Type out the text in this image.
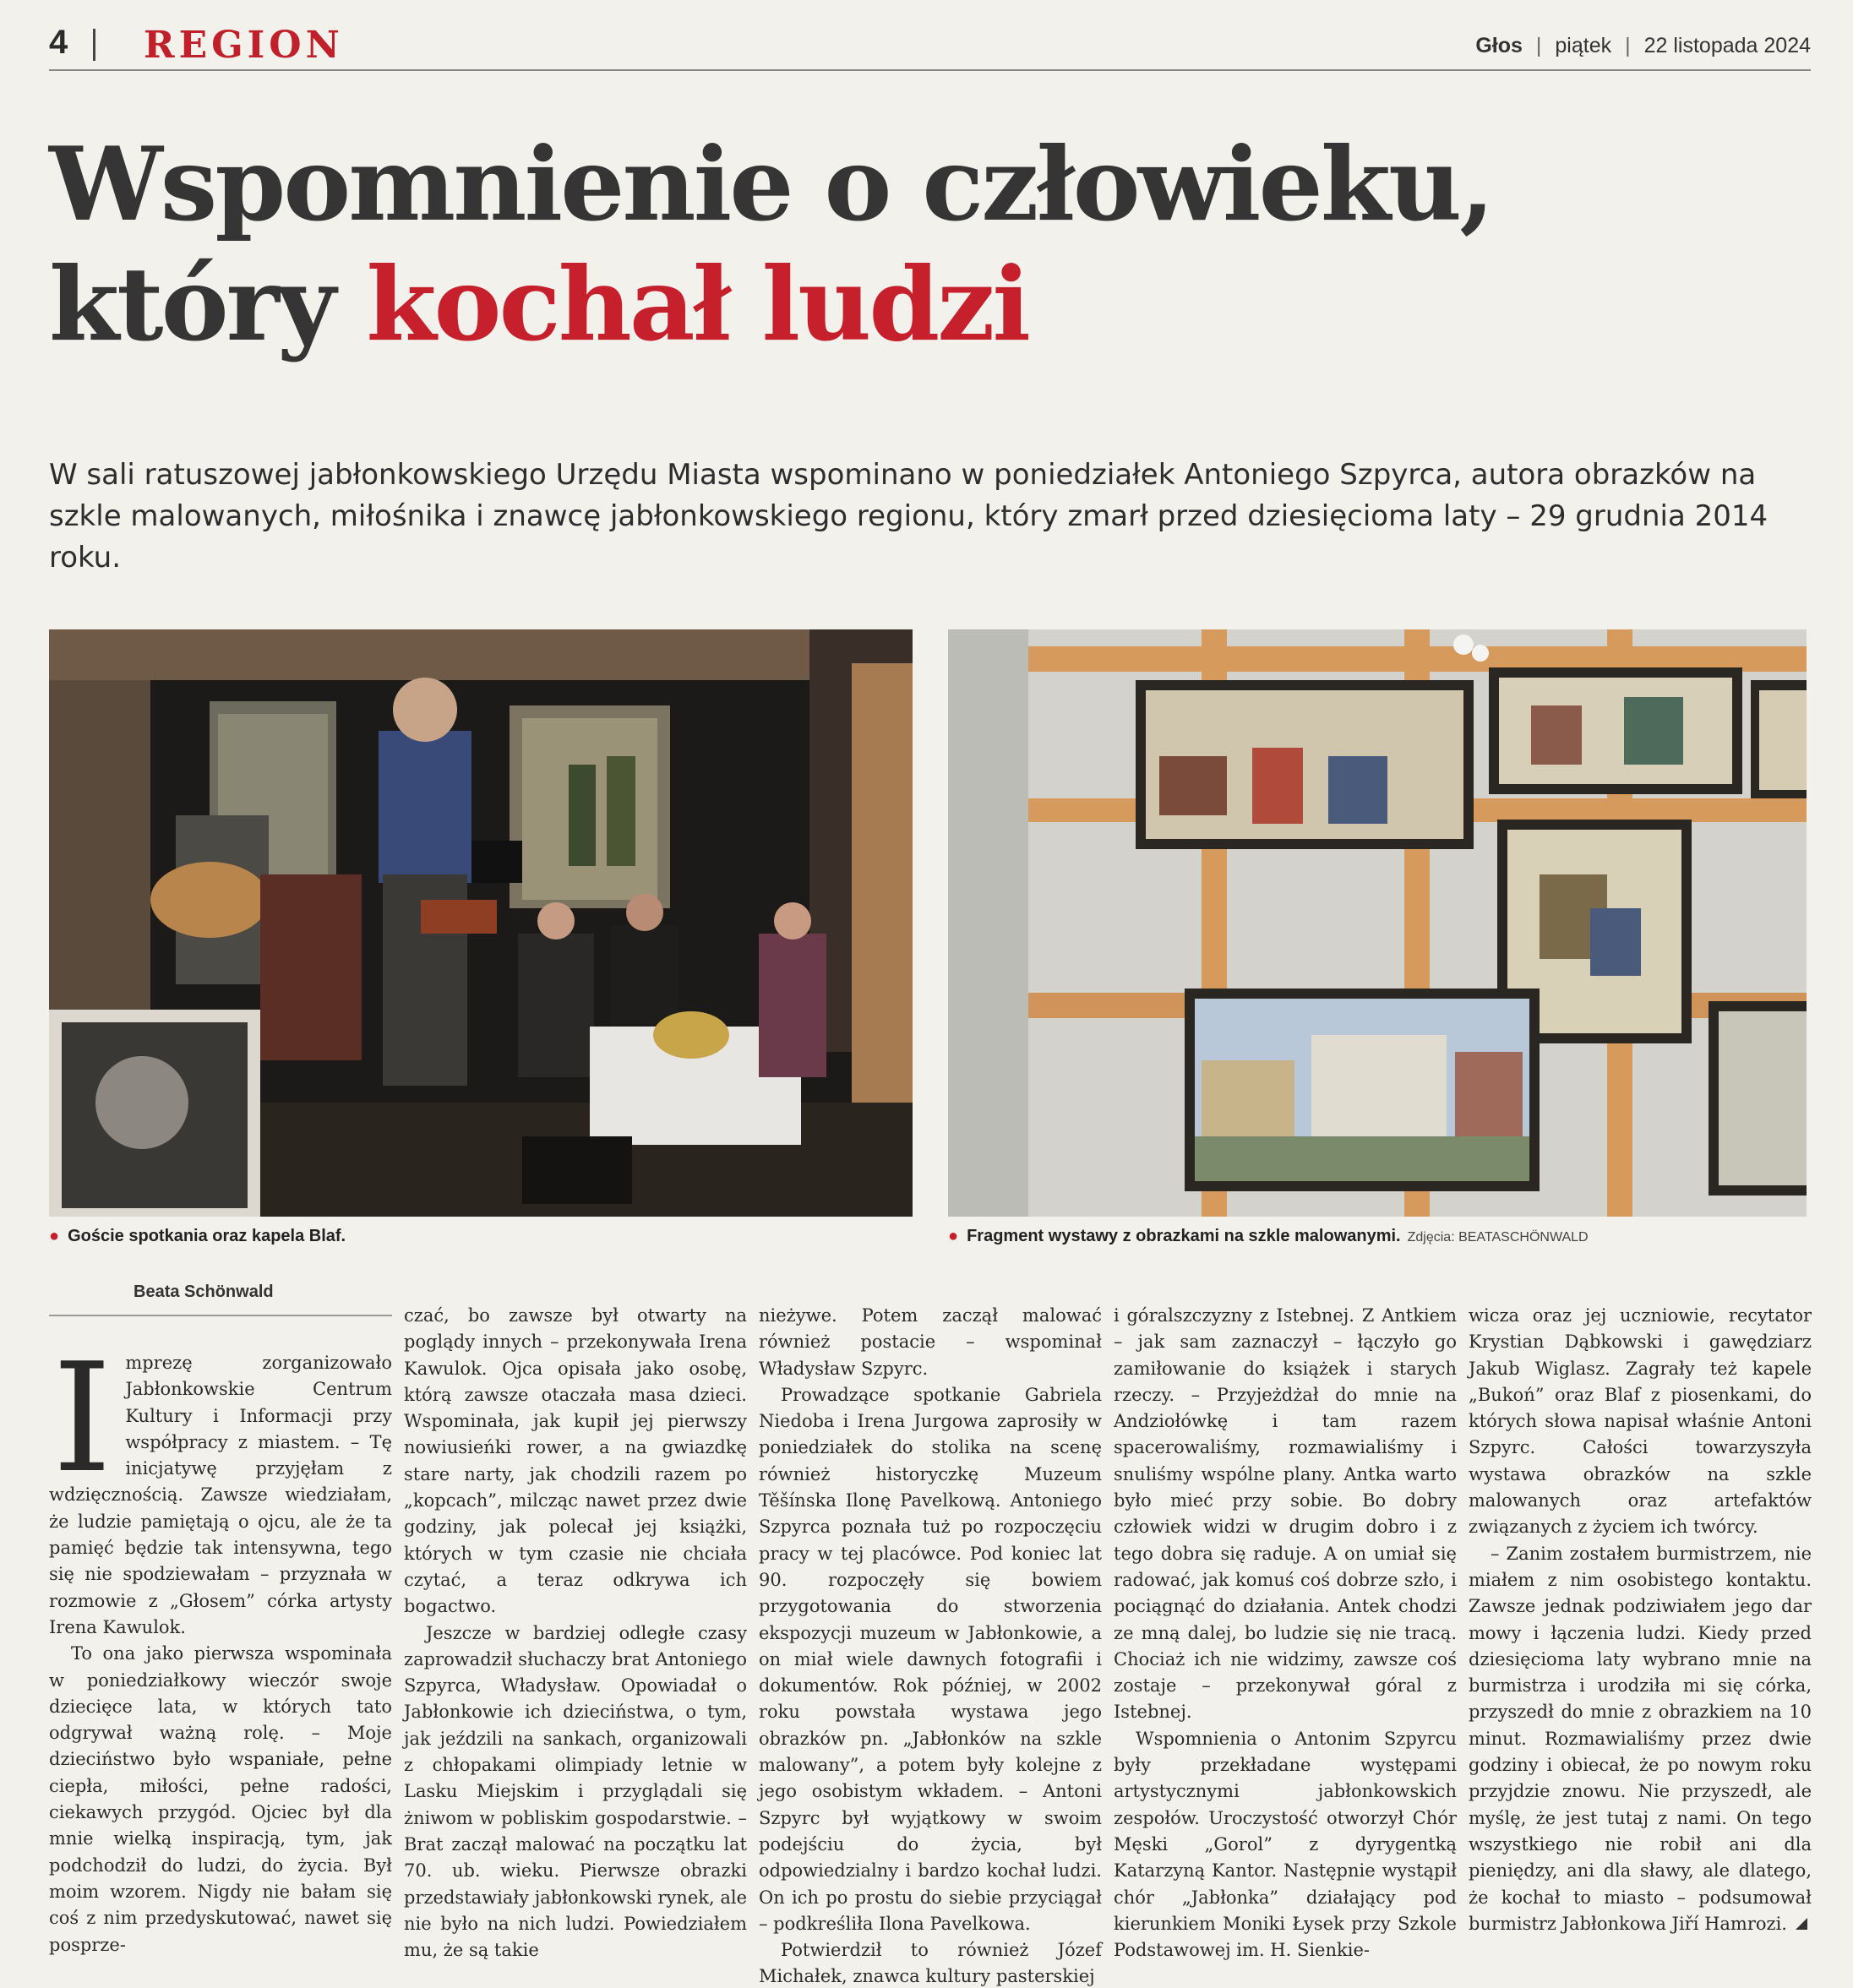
4 REGION	Głos | piątek | 22 listopada 2024
Wspomnienie o człowieku,
który kochał ludzi

W sali ratuszowej jabłonkowskiego Urzędu Miasta wspominano w poniedziałek Antoniego Szpyrca, autora obrazków na szkle malowanych, miłośnika i znawcę jabłonkowskiego regionu, który zmarł przed dziesięcioma laty – 29 grudnia 2014 roku.

● Goście spotkania oraz kapela Blaf.	● Fragment wystawy z obrazkami na szkle malowanymi. Zdjęcia: BEATASCHÖNWALD
Beata Schönwald
I mprezę zorganizowało Jabłonkowskie Centrum Kultury i Informacji przy współpracy z miastem. – Tę inicjatywę przyjęłam z wdzięcznością. Zawsze wiedziałam, że ludzie pamiętają o ojcu, ale że ta pamięć będzie tak intensywna, tego się nie spodziewałam – przyznała w rozmowie z „Głosem” córka artysty Irena Kawulok.

To ona jako pierwsza wspominała w poniedziałkowy wieczór swoje dziecięce lata, w których tato odgrywał ważną rolę. – Moje dzieciństwo było wspaniałe, pełne ciepła, miłości, pełne radości, ciekawych przygód. Ojciec był dla mnie wielką inspiracją, tym, jak podchodził do ludzi, do życia. Był moim wzorem. Nigdy nie bałam się coś z nim przedyskutować, nawet się posprze-

czać, bo zawsze był otwarty na poglądy innych – przekonywała Irena Kawulok. Ojca opisała jako osobę, którą zawsze otaczała masa dzieci. Wspominała, jak kupił jej pierwszy nowiusieńki rower, a na gwiazdkę stare narty, jak chodzili razem po „kopcach”, milcząc nawet przez dwie godziny, jak polecał jej książki, których w tym czasie nie chciała czytać, a teraz odkrywa ich bogactwo.

Jeszcze w bardziej odległe czasy zaprowadził słuchaczy brat Antoniego Szpyrca, Władysław. Opowiadał o Jabłonkowie ich dzieciństwa, o tym, jak jeździli na sankach, organizowali z chłopakami olimpiady letnie w Lasku Miejskim i przyglądali się żniwom w pobliskim gospodarstwie. – Brat zaczął malować na początku lat 70. ub. wieku. Pierwsze obrazki przedstawiały jabłonkowski rynek, ale nie było na nich ludzi. Powiedziałem mu, że są takie

nieżywe. Potem zaczął malować również postacie – wspominał Władysław Szpyrc.

Prowadzące spotkanie Gabriela Niedoba i Irena Jurgowa zaprosiły w poniedziałek do stolika na scenę również historyczkę Muzeum Těšínska Ilonę Pavelkową. Antoniego Szpyrca poznała tuż po rozpoczęciu pracy w tej placówce. Pod koniec lat 90. rozpoczęły się bowiem przygotowania do stworzenia ekspozycji muzeum w Jabłonkowie, a on miał wiele dawnych fotografii i dokumentów. Rok później, w 2002 roku powstała wystawa jego obrazków pn. „Jabłonków na szkle malowany”, a potem były kolejne z jego osobistym wkładem. – Antoni Szpyrc był wyjątkowy w swoim podejściu do życia, był odpowiedzialny i bardzo kochał ludzi. On ich po prostu do siebie przyciągał – podkreśliła Ilona Pavelkowa.

Potwierdził to również Józef Michałek, znawca kultury pasterskiej

i góralszczyzny z Istebnej. Z Antkiem – jak sam zaznaczył – łączyło go zamiłowanie do książek i starych rzeczy. – Przyjeżdżał do mnie na Andziołówkę i tam razem spacerowaliśmy, rozmawialiśmy i snuliśmy wspólne plany. Antka warto było mieć przy sobie. Bo dobry człowiek widzi w drugim dobro i z tego dobra się raduje. A on umiał się radować, jak komuś coś dobrze szło, i pociągnąć do działania. Antek chodzi ze mną dalej, bo ludzie się nie tracą. Chociaż ich nie widzimy, zawsze coś zostaje – przekonywał góral z Istebnej.

Wspomnienia o Antonim Szpyrcu były przekładane występami artystycznymi jabłonkowskich zespołów. Uroczystość otworzył Chór Męski „Gorol” z dyrygentką Katarzyną Kantor. Następnie wystąpił chór „Jabłonka” działający pod kierunkiem Moniki Łysek przy Szkole Podstawowej im. H. Sienkie-

wicza oraz jej uczniowie, recytator Krystian Dąbkowski i gawędziarz Jakub Wiglasz. Zagrały też kapele „Bukoń” oraz Blaf z piosenkami, do których słowa napisał właśnie Antoni Szpyrc. Całości towarzyszyła wystawa obrazków na szkle malowanych oraz artefaktów związanych z życiem ich twórcy.

– Zanim zostałem burmistrzem, nie miałem z nim osobistego kontaktu. Zawsze jednak podziwiałem jego dar mowy i łączenia ludzi. Kiedy przed dziesięcioma laty wybrano mnie na burmistrza i urodziła mi się córka, przyszedł do mnie z obrazkiem na 10 minut. Rozmawialiśmy przez dwie godziny i obiecał, że po nowym roku przyjdzie znowu. Nie przyszedł, ale myślę, że jest tutaj z nami. On tego wszystkiego nie robił ani dla pieniędzy, ani dla sławy, ale dlatego, że kochał to miasto – podsumował burmistrz Jabłonkowa Jiří Hamrozi.
